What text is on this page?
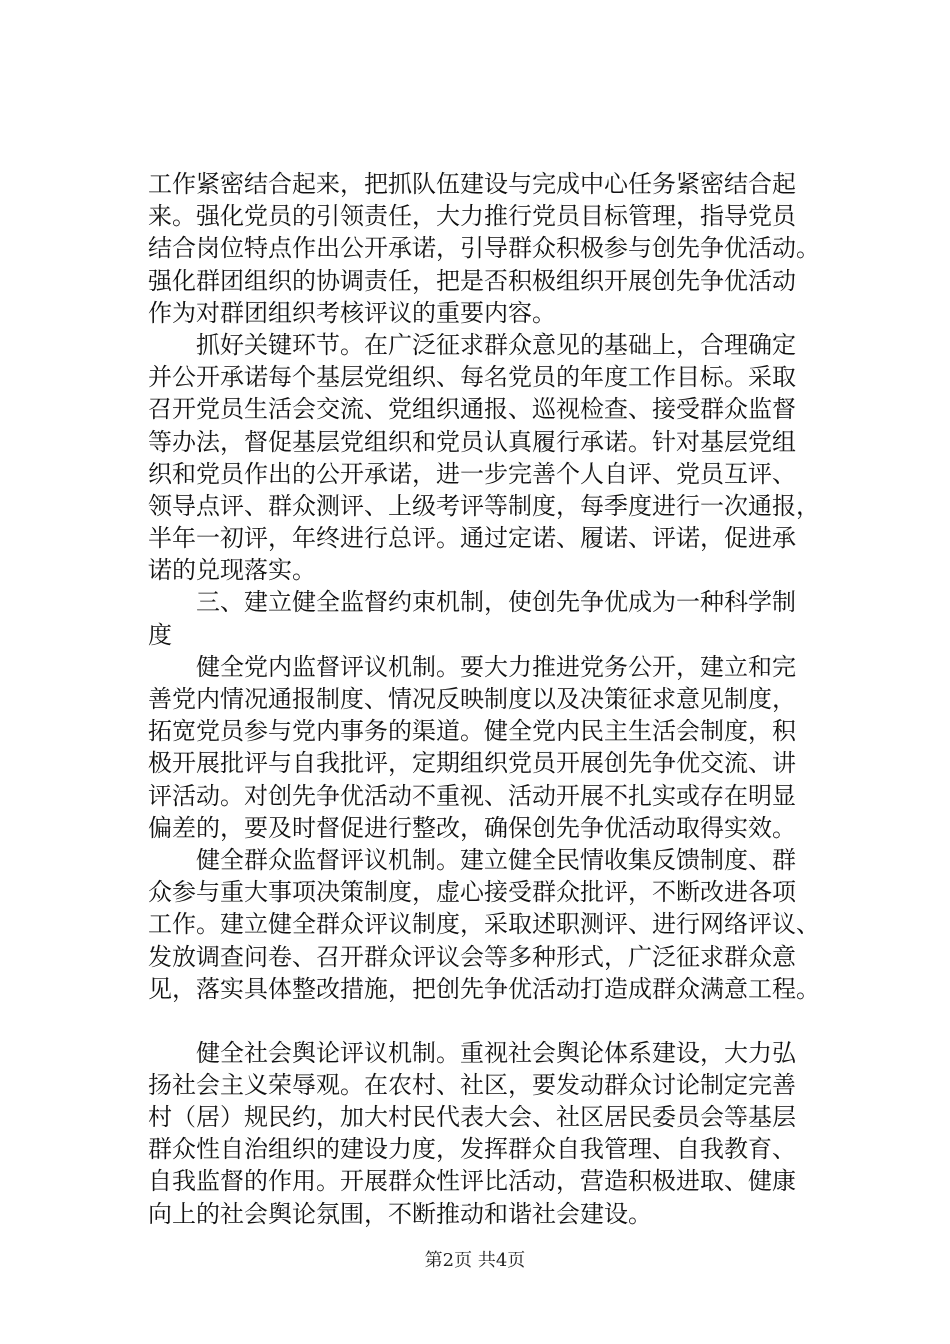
工作紧密结合起来，把抓队伍建设与完成中心任务紧密结合起
来。强化党员的引领责任，大力推行党员目标管理，指导党员
结合岗位特点作出公开承诺，引导群众积极参与创先争优活动。
强化群团组织的协调责任，把是否积极组织开展创先争优活动
作为对群团组织考核评议的重要内容。
　　抓好关键环节。在广泛征求群众意见的基础上，合理确定
并公开承诺每个基层党组织、每名党员的年度工作目标。采取
召开党员生活会交流、党组织通报、巡视检查、接受群众监督
等办法，督促基层党组织和党员认真履行承诺。针对基层党组
织和党员作出的公开承诺，进一步完善个人自评、党员互评、
领导点评、群众测评、上级考评等制度，每季度进行一次通报，
半年一初评，年终进行总评。通过定诺、履诺、评诺，促进承
诺的兑现落实。
　　三、建立健全监督约束机制，使创先争优成为一种科学制
度
　　健全党内监督评议机制。要大力推进党务公开，建立和完
善党内情况通报制度、情况反映制度以及决策征求意见制度，
拓宽党员参与党内事务的渠道。健全党内民主生活会制度，积
极开展批评与自我批评，定期组织党员开展创先争优交流、讲
评活动。对创先争优活动不重视、活动开展不扎实或存在明显
偏差的，要及时督促进行整改，确保创先争优活动取得实效。
　　健全群众监督评议机制。建立健全民情收集反馈制度、群
众参与重大事项决策制度，虚心接受群众批评，不断改进各项
工作。建立健全群众评议制度，采取述职测评、进行网络评议、
发放调查问卷、召开群众评议会等多种形式，广泛征求群众意
见，落实具体整改措施，把创先争优活动打造成群众满意工程。
　　健全社会舆论评议机制。重视社会舆论体系建设，大力弘
扬社会主义荣辱观。在农村、社区，要发动群众讨论制定完善
村（居）规民约，加大村民代表大会、社区居民委员会等基层
群众性自治组织的建设力度，发挥群众自我管理、自我教育、
自我监督的作用。开展群众性评比活动，营造积极进取、健康
向上的社会舆论氛围，不断推动和谐社会建设。
第2页 共4页
